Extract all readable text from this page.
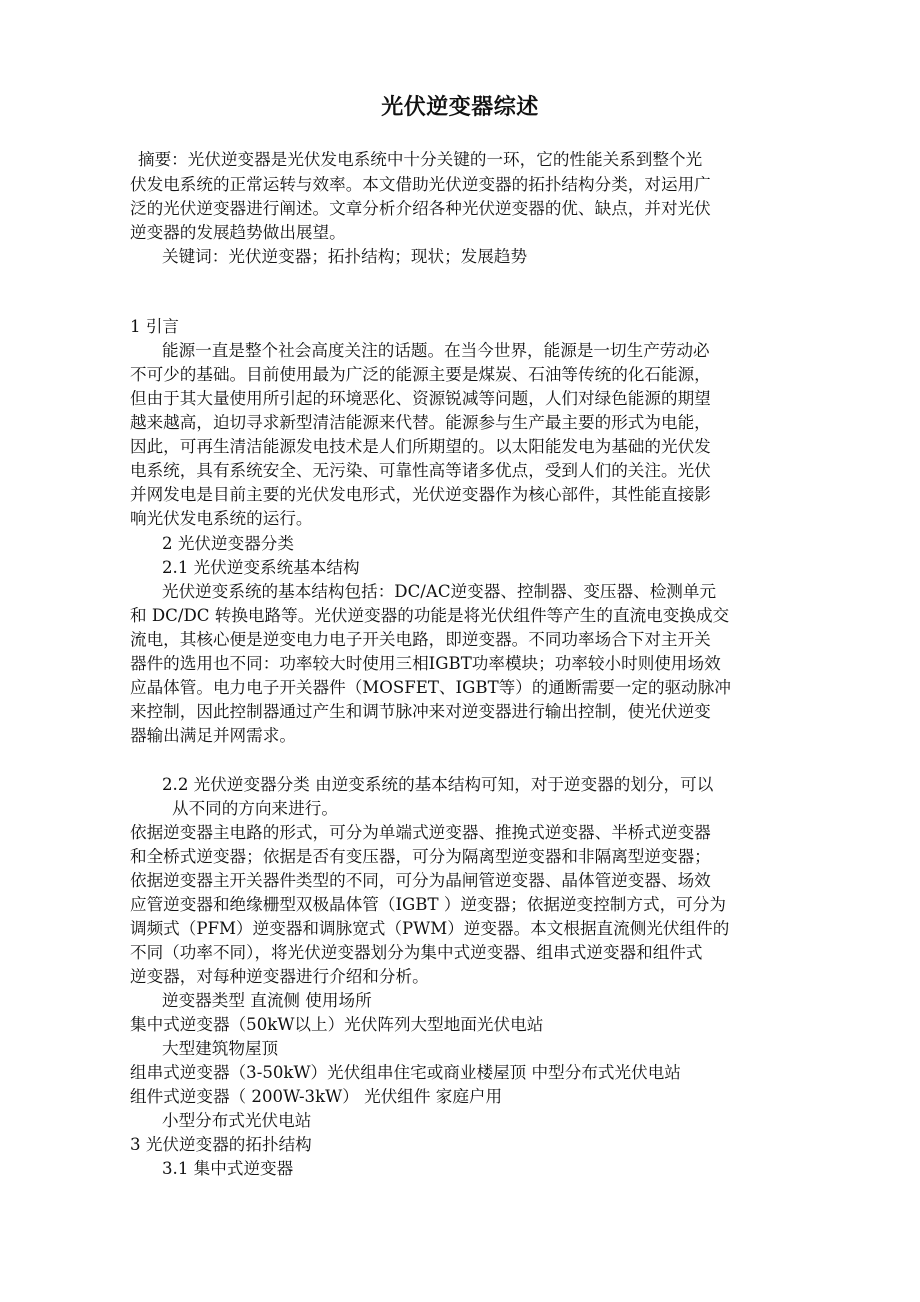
光伏逆变器综述

摘要：光伏逆变器是光伏发电系统中十分关键的一环，它的性能关系到整个光

伏发电系统的正常运转与效率。本文借助光伏逆变器的拓扑结构分类，对运用广

泛的光伏逆变器进行阐述。文章分析介绍各种光伏逆变器的优、缺点，并对光伏

逆变器的发展趋势做出展望。

关键词：光伏逆变器；拓扑结构；现状；发展趋势

1 引言

能源一直是整个社会高度关注的话题。在当今世界，能源是一切生产劳动必

不可少的基础。目前使用最为广泛的能源主要是煤炭、石油等传统的化石能源，

但由于其大量使用所引起的环境恶化、资源锐减等问题，人们对绿色能源的期望

越来越高，迫切寻求新型清洁能源来代替。能源参与生产最主要的形式为电能，

因此，可再生清洁能源发电技术是人们所期望的。以太阳能发电为基础的光伏发

电系统，具有系统安全、无污染、可靠性高等诸多优点，受到人们的关注。光伏

并网发电是目前主要的光伏发电形式，光伏逆变器作为核心部件，其性能直接影

响光伏发电系统的运行。

2 光伏逆变器分类

2.1 光伏逆变系统基本结构

光伏逆变系统的基本结构包括：DC/AC逆变器、控制器、变压器、检测单元

和 DC/DC 转换电路等。光伏逆变器的功能是将光伏组件等产生的直流电变换成交

流电，其核心便是逆变电力电子开关电路，即逆变器。不同功率场合下对主开关

器件的选用也不同：功率较大时使用三相IGBT功率模块；功率较小时则使用场效

应晶体管。电力电子开关器件（MOSFET、IGBT等）的通断需要一定的驱动脉冲

来控制，因此控制器通过产生和调节脉冲来对逆变器进行输出控制，使光伏逆变

器输出满足并网需求。

2.2 光伏逆变器分类 由逆变系统的基本结构可知，对于逆变器的划分，可以

从不同的方向来进行。

依据逆变器主电路的形式，可分为单端式逆变器、推挽式逆变器、半桥式逆变器

和全桥式逆变器；依据是否有变压器，可分为隔离型逆变器和非隔离型逆变器；

依据逆变器主开关器件类型的不同，可分为晶闸管逆变器、晶体管逆变器、场效

应管逆变器和绝缘栅型双极晶体管（IGBT ）逆变器；依据逆变控制方式，可分为

调频式（PFM）逆变器和调脉宽式（PWM）逆变器。本文根据直流侧光伏组件的

不同（功率不同），将光伏逆变器划分为集中式逆变器、组串式逆变器和组件式

逆变器，对每种逆变器进行介绍和分析。

逆变器类型 直流侧 使用场所

集中式逆变器（50kW以上）光伏阵列大型地面光伏电站

大型建筑物屋顶

组串式逆变器（3-50kW）光伏组串住宅或商业楼屋顶 中型分布式光伏电站

组件式逆变器（ 200W-3kW） 光伏组件 家庭户用

小型分布式光伏电站

3 光伏逆变器的拓扑结构

3.1 集中式逆变器
